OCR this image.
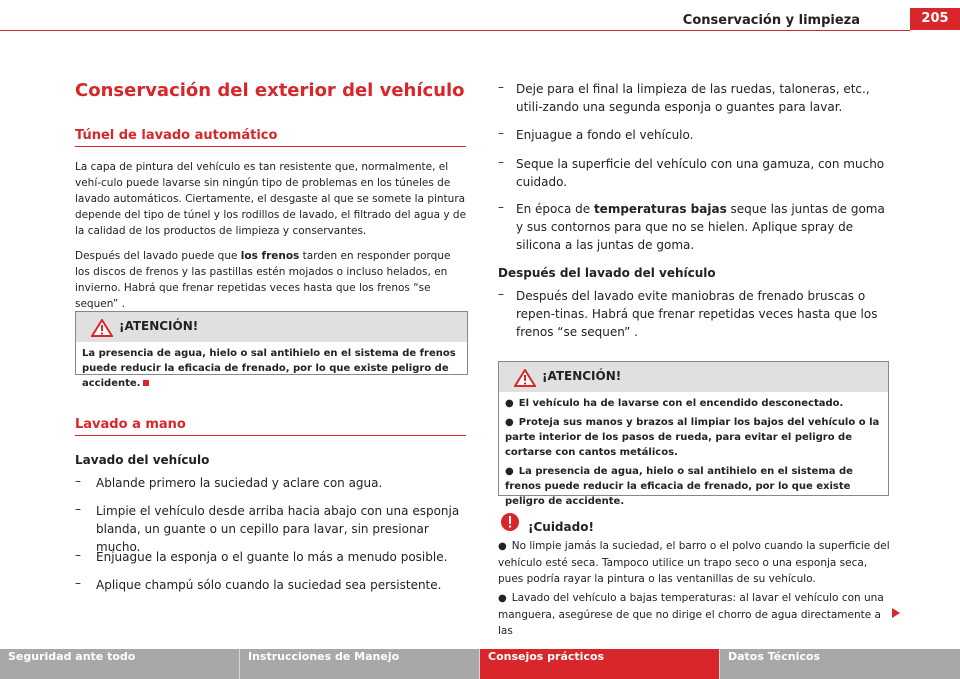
Conservación y limpieza	205
Conservación del exterior del vehículo
Túnel de lavado automático

La capa de pintura del vehículo es tan resistente que, normalmente, el vehí-culo puede lavarse sin ningún tipo de problemas en los túneles de lavado automáticos. Ciertamente, el desgaste al que se somete la pintura depende del tipo de túnel y los rodillos de lavado, el filtrado del agua y de la calidad de los productos de limpieza y conservantes.

Después del lavado puede que los frenos tarden en responder porque los discos de frenos y las pastillas estén mojados o incluso helados, en invierno. Habrá que frenar repetidas veces hasta que los frenos “se sequen” .

¡ATENCIÓN!
La presencia de agua, hielo o sal antihielo en el sistema de frenos puede reducir la eficacia de frenado, por lo que existe peligro de accidente.
Lavado a mano
Lavado del vehículo
– Ablande primero la suciedad y aclare con agua.

– Limpie el vehículo desde arriba hacia abajo con una esponja blanda, un guante o un cepillo para lavar, sin presionar mucho.

– Enjuague la esponja o el guante lo más a menudo posible.

– Aplique champú sólo cuando la suciedad sea persistente.

– Deje para el final la limpieza de las ruedas, taloneras, etc., utili-zando una segunda esponja o guantes para lavar.

– Enjuague a fondo el vehículo.

– Seque la superficie del vehículo con una gamuza, con mucho cuidado.

– En época de temperaturas bajas seque las juntas de goma y sus contornos para que no se hielen. Aplique spray de silicona a las juntas de goma.

Después del lavado del vehículo
– Después del lavado evite maniobras de frenado bruscas o repen-tinas. Habrá que frenar repetidas veces hasta que los frenos “se sequen” .

¡ATENCIÓN!
● El vehículo ha de lavarse con el encendido desconectado.
● Proteja sus manos y brazos al limpiar los bajos del vehículo o la parte interior de los pasos de rueda, para evitar el peligro de cortarse con cantos metálicos.
● La presencia de agua, hielo o sal antihielo en el sistema de frenos puede reducir la eficacia de frenado, por lo que existe peligro de accidente.
¡Cuidado!
● No limpie jamás la suciedad, el barro o el polvo cuando la superficie del vehículo esté seca. Tampoco utilice un trapo seco o una esponja seca, pues podría rayar la pintura o las ventanillas de su vehículo.
● Lavado del vehículo a bajas temperaturas: al lavar el vehículo con una manguera, asegúrese de que no dirige el chorro de agua directamente a las
Seguridad ante todo	Instrucciones de Manejo	Consejos prácticos	Datos Técnicos
